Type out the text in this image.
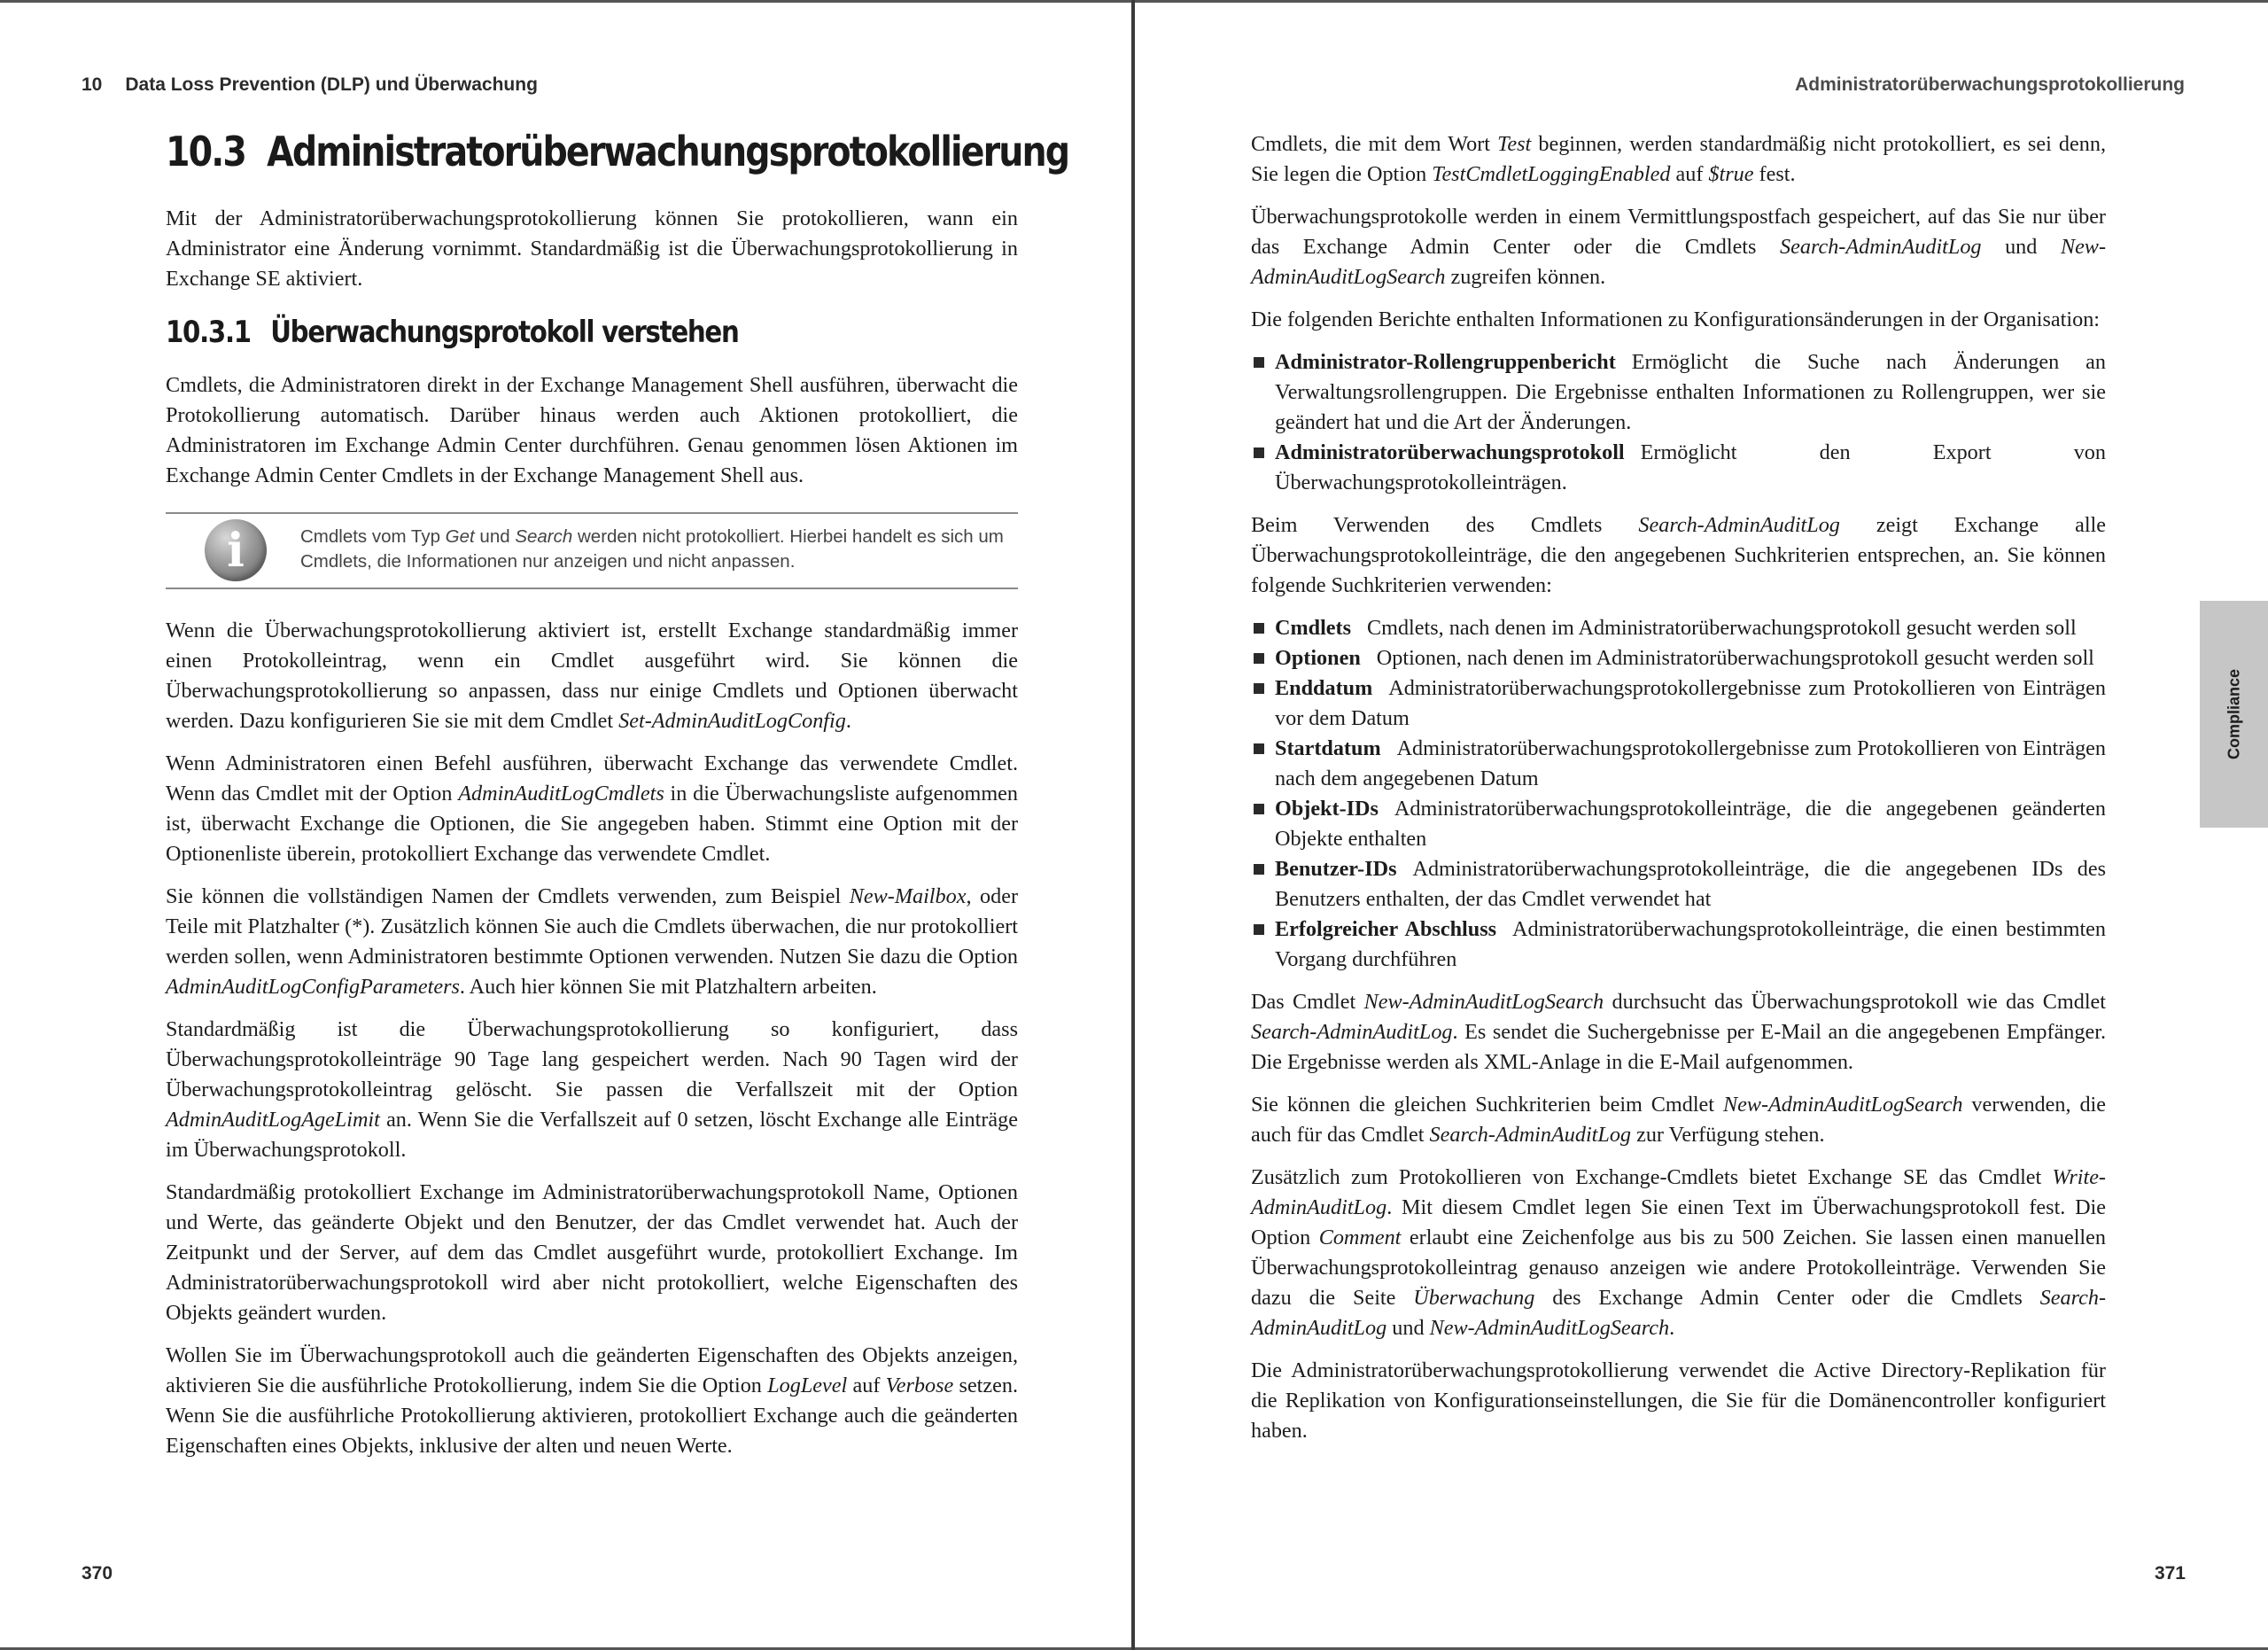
10 Data Loss Prevention (DLP) und Überwachung
10.3 Administratorüberwachungsprotokollierung

Mit der Administratorüberwachungsprotokollierung können Sie protokollieren, wann ein Administrator eine Änderung vornimmt. Standardmäßig ist die Überwachungsprotokollierung in Exchange SE aktiviert.

10.3.1 Überwachungsprotokoll verstehen

Cmdlets, die Administratoren direkt in der Exchange Management Shell ausführen, überwacht die Protokollierung automatisch. Darüber hinaus werden auch Aktionen protokolliert, die Administratoren im Exchange Admin Center durchführen. Genau genommen lösen Aktionen im Exchange Admin Center Cmdlets in der Exchange Management Shell aus.

i	Cmdlets vom Typ Get und Search werden nicht protokolliert. Hierbei handelt es sich um Cmdlets, die Informationen nur anzeigen und nicht anpassen.

Wenn die Überwachungsprotokollierung aktiviert ist, erstellt Exchange standardmäßig immer einen Protokolleintrag, wenn ein Cmdlet ausgeführt wird. Sie können die Überwachungsprotokollierung so anpassen, dass nur einige Cmdlets und Optionen überwacht werden. Dazu konfigurieren Sie sie mit dem Cmdlet Set-AdminAuditLogConfig.

Wenn Administratoren einen Befehl ausführen, überwacht Exchange das verwendete Cmdlet. Wenn das Cmdlet mit der Option AdminAuditLogCmdlets in die Überwachungsliste aufgenommen ist, überwacht Exchange die Optionen, die Sie angegeben haben. Stimmt eine Option mit der Optionenliste überein, protokolliert Exchange das verwendete Cmdlet.

Sie können die vollständigen Namen der Cmdlets verwenden, zum Beispiel New-Mailbox, oder Teile mit Platzhalter (*). Zusätzlich können Sie auch die Cmdlets überwachen, die nur protokolliert werden sollen, wenn Administratoren bestimmte Optionen verwenden. Nutzen Sie dazu die Option AdminAuditLogConfigParameters. Auch hier können Sie mit Platzhaltern arbeiten.

Standardmäßig ist die Überwachungsprotokollierung so konfiguriert, dass Überwachungsprotokolleinträge 90 Tage lang gespeichert werden. Nach 90 Tagen wird der Überwachungsprotokolleintrag gelöscht. Sie passen die Verfallszeit mit der Option AdminAuditLogAgeLimit an. Wenn Sie die Verfallszeit auf 0 setzen, löscht Exchange alle Einträge im Überwachungsprotokoll.

Standardmäßig protokolliert Exchange im Administratorüberwachungsprotokoll Name, Optionen und Werte, das geänderte Objekt und den Benutzer, der das Cmdlet verwendet hat. Auch der Zeitpunkt und der Server, auf dem das Cmdlet ausgeführt wurde, protokolliert Exchange. Im Administratorüberwachungsprotokoll wird aber nicht protokolliert, welche Eigenschaften des Objekts geändert wurden.

Wollen Sie im Überwachungsprotokoll auch die geänderten Eigenschaften des Objekts anzeigen, aktivieren Sie die ausführliche Protokollierung, indem Sie die Option LogLevel auf Verbose setzen. Wenn Sie die ausführliche Protokollierung aktivieren, protokolliert Exchange auch die geänderten Eigenschaften eines Objekts, inklusive der alten und neuen Werte.

370
Administratorüberwachungsprotokollierung

Cmdlets, die mit dem Wort Test beginnen, werden standardmäßig nicht protokolliert, es sei denn, Sie legen die Option TestCmdletLoggingEnabled auf $true fest.

Überwachungsprotokolle werden in einem Vermittlungspostfach gespeichert, auf das Sie nur über das Exchange Admin Center oder die Cmdlets Search-AdminAuditLog und New-AdminAuditLogSearch zugreifen können.

Die folgenden Berichte enthalten Informationen zu Konfigurationsänderungen in der Organisation:

Administrator-Rollengruppenbericht Ermöglicht die Suche nach Änderungen an Verwaltungsrollengruppen. Die Ergebnisse enthalten Informationen zu Rollengruppen, wer sie geändert hat und die Art der Änderungen.
Administratorüberwachungsprotokoll Ermöglicht den Export von Überwachungsprotokolleinträgen.

Beim Verwenden des Cmdlets Search-AdminAuditLog zeigt Exchange alle Überwachungsprotokolleinträge, die den angegebenen Suchkriterien entsprechen, an. Sie können folgende Suchkriterien verwenden:

Cmdlets Cmdlets, nach denen im Administratorüberwachungsprotokoll gesucht werden soll
Optionen Optionen, nach denen im Administratorüberwachungsprotokoll gesucht werden soll
Enddatum Administratorüberwachungsprotokollergebnisse zum Protokollieren von Einträgen vor dem Datum
Startdatum Administratorüberwachungsprotokollergebnisse zum Protokollieren von Einträgen nach dem angegebenen Datum
Objekt-IDs Administratorüberwachungsprotokolleinträge, die die angegebenen geänderten Objekte enthalten
Benutzer-IDs Administratorüberwachungsprotokolleinträge, die die angegebenen IDs des Benutzers enthalten, der das Cmdlet verwendet hat
Erfolgreicher Abschluss Administratorüberwachungsprotokolleinträge, die einen bestimmten Vorgang durchführen

Das Cmdlet New-AdminAuditLogSearch durchsucht das Überwachungsprotokoll wie das Cmdlet Search-AdminAuditLog. Es sendet die Suchergebnisse per E-Mail an die angegebenen Empfänger. Die Ergebnisse werden als XML-Anlage in die E-Mail aufgenommen.

Sie können die gleichen Suchkriterien beim Cmdlet New-AdminAuditLogSearch verwenden, die auch für das Cmdlet Search-AdminAuditLog zur Verfügung stehen.

Zusätzlich zum Protokollieren von Exchange-Cmdlets bietet Exchange SE das Cmdlet Write-AdminAuditLog. Mit diesem Cmdlet legen Sie einen Text im Überwachungsprotokoll fest. Die Option Comment erlaubt eine Zeichenfolge aus bis zu 500 Zeichen. Sie lassen einen manuellen Überwachungsprotokolleintrag genauso anzeigen wie andere Protokolleinträge. Verwenden Sie dazu die Seite Überwachung des Exchange Admin Center oder die Cmdlets Search-AdminAuditLog und New-AdminAuditLogSearch.

Die Administratorüberwachungsprotokollierung verwendet die Active Directory-Replikation für die Replikation von Konfigurationseinstellungen, die Sie für die Domänencontroller konfiguriert haben.

371
Compliance
